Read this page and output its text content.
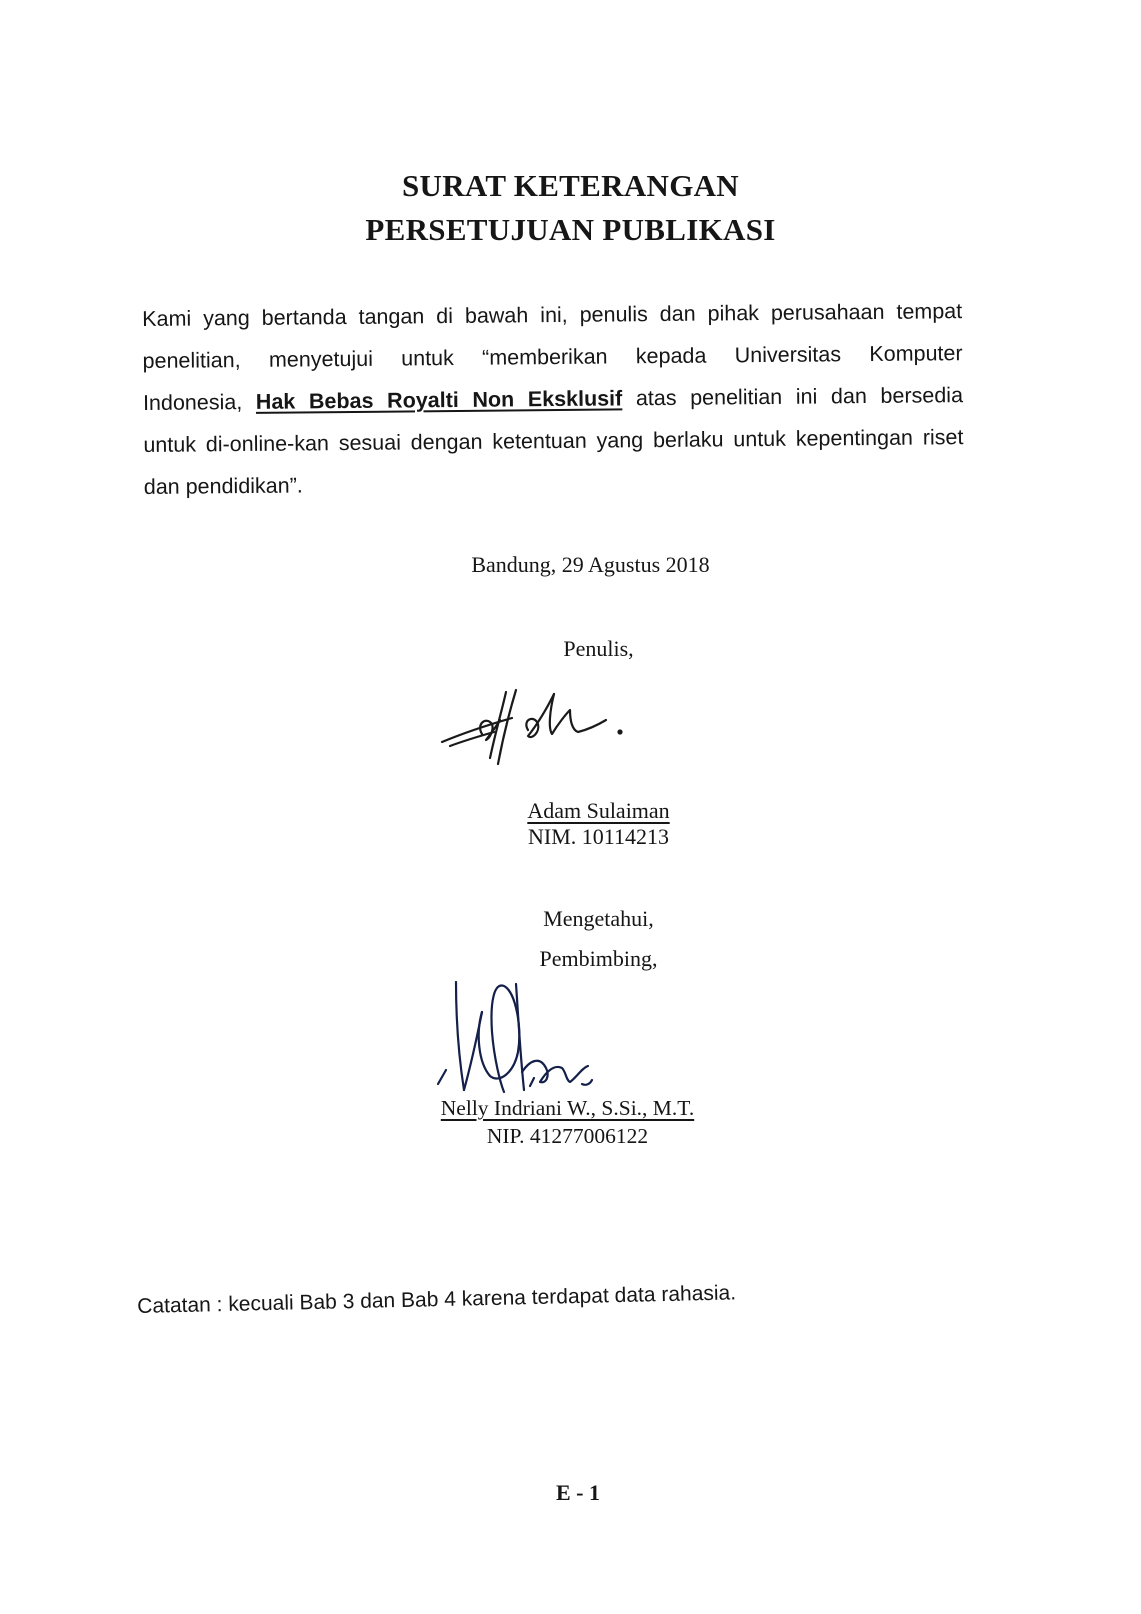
SURAT KETERANGAN
PERSETUJUAN PUBLIKASI
Kami yang bertanda tangan di bawah ini, penulis dan pihak perusahaan tempat
penelitian, menyetujui untuk “memberikan kepada Universitas Komputer
Indonesia, Hak Bebas Royalti Non Eksklusif atas penelitian ini dan bersedia
untuk di-online-kan sesuai dengan ketentuan yang berlaku untuk kepentingan riset
dan pendidikan”.
Bandung, 29 Agustus 2018
Penulis,
Adam Sulaiman
NIM. 10114213
Mengetahui,
Pembimbing,
Nelly Indriani W., S.Si., M.T.
NIP. 41277006122
Catatan : kecuali Bab 3 dan Bab 4 karena terdapat data rahasia.
E - 1
